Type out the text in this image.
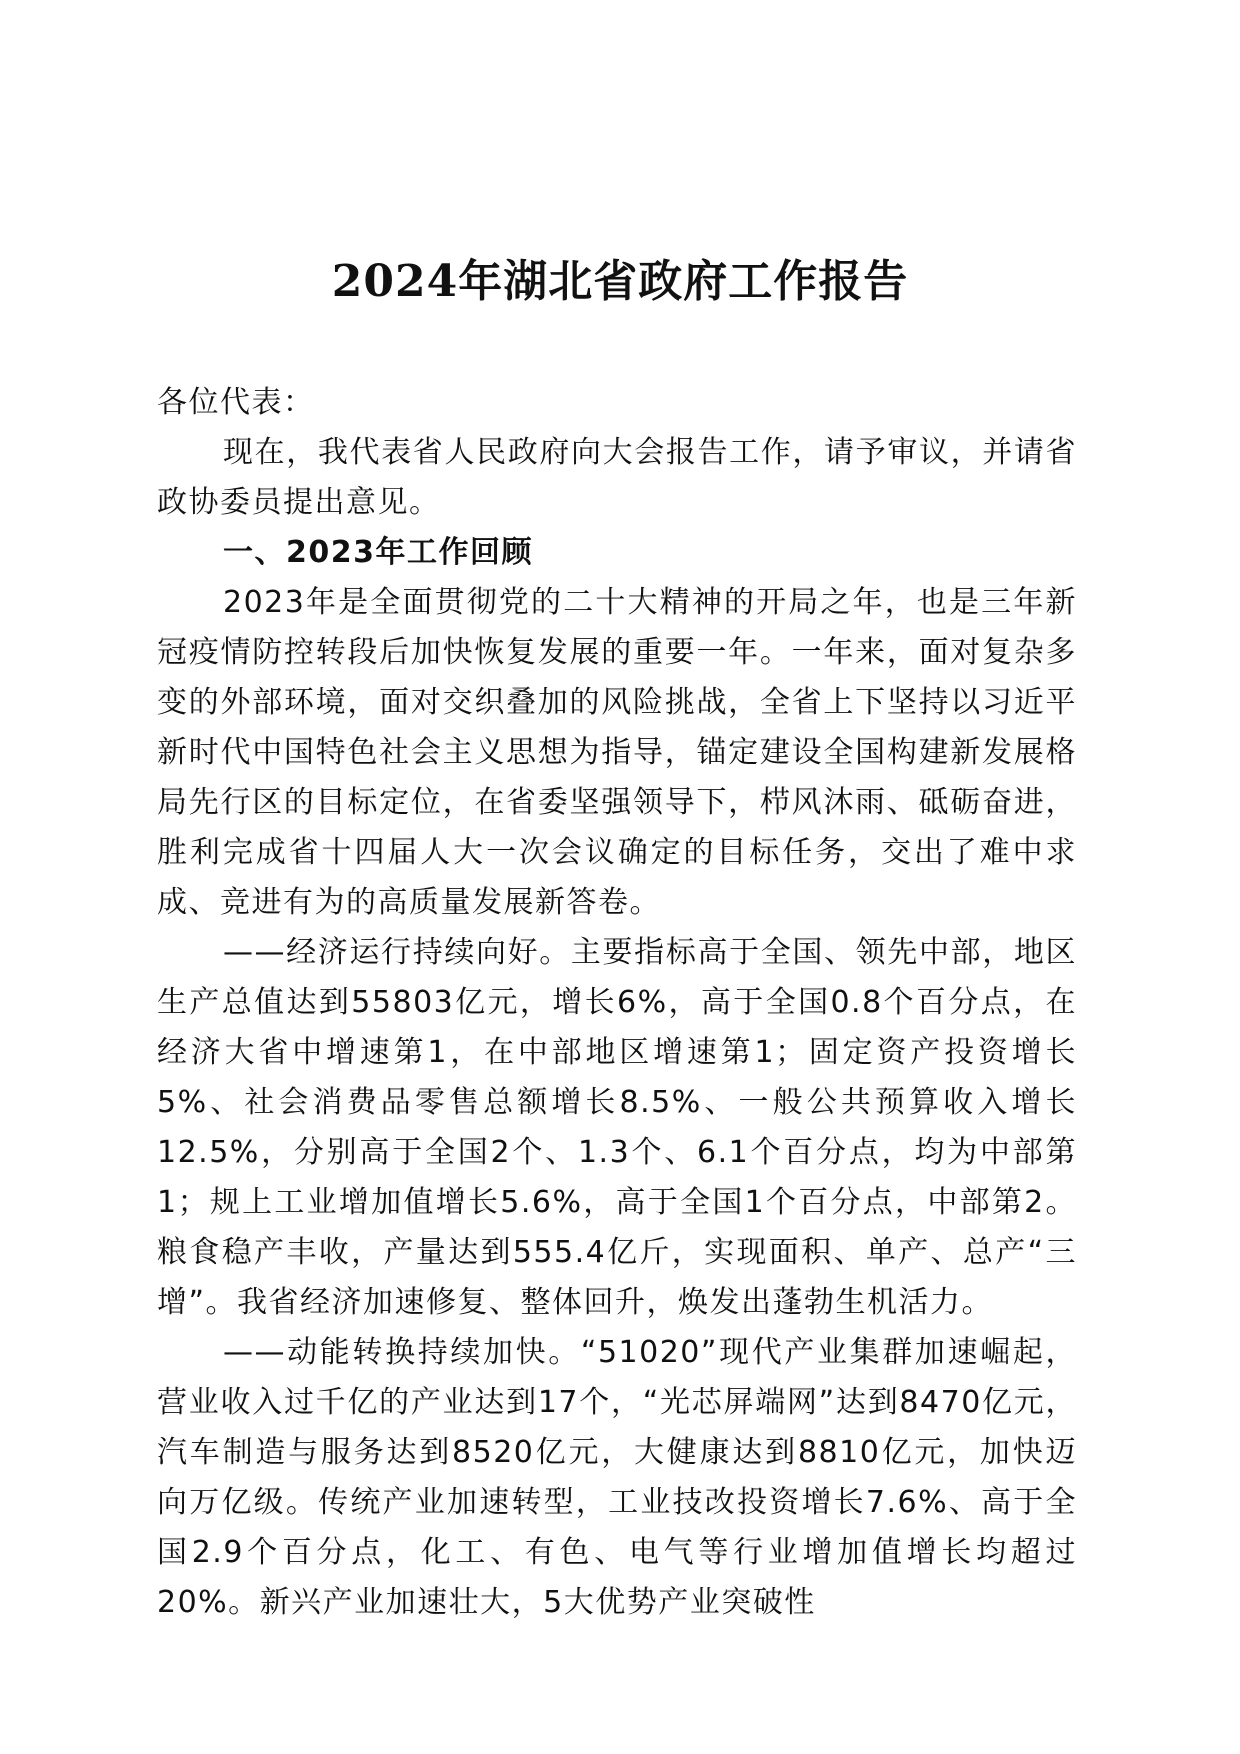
2024年湖北省政府工作报告

各位代表：

现在，我代表省人民政府向大会报告工作，请予审议，并请省政协委员提出意见。

一、2023年工作回顾

2023年是全面贯彻党的二十大精神的开局之年，也是三年新冠疫情防控转段后加快恢复发展的重要一年。一年来，面对复杂多变的外部环境，面对交织叠加的风险挑战，全省上下坚持以习近平新时代中国特色社会主义思想为指导，锚定建设全国构建新发展格局先行区的目标定位，在省委坚强领导下，栉风沐雨、砥砺奋进，胜利完成省十四届人大一次会议确定的目标任务，交出了难中求成、竞进有为的高质量发展新答卷。

——经济运行持续向好。主要指标高于全国、领先中部，地区生产总值达到55803亿元，增长6%，高于全国0.8个百分点，在经济大省中增速第1，在中部地区增速第1；固定资产投资增长5%、社会消费品零售总额增长8.5%、一般公共预算收入增长12.5%，分别高于全国2个、1.3个、6.1个百分点，均为中部第1；规上工业增加值增长5.6%，高于全国1个百分点，中部第2。粮食稳产丰收，产量达到555.4亿斤，实现面积、单产、总产“三增”。我省经济加速修复、整体回升，焕发出蓬勃生机活力。

——动能转换持续加快。“51020”现代产业集群加速崛起，营业收入过千亿的产业达到17个，“光芯屏端网”达到8470亿元，汽车制造与服务达到8520亿元，大健康达到8810亿元，加快迈向万亿级。传统产业加速转型，工业技改投资增长7.6%、高于全国2.9个百分点，化工、有色、电气等行业增加值增长均超过20%。新兴产业加速壮大，5大优势产业突破性
